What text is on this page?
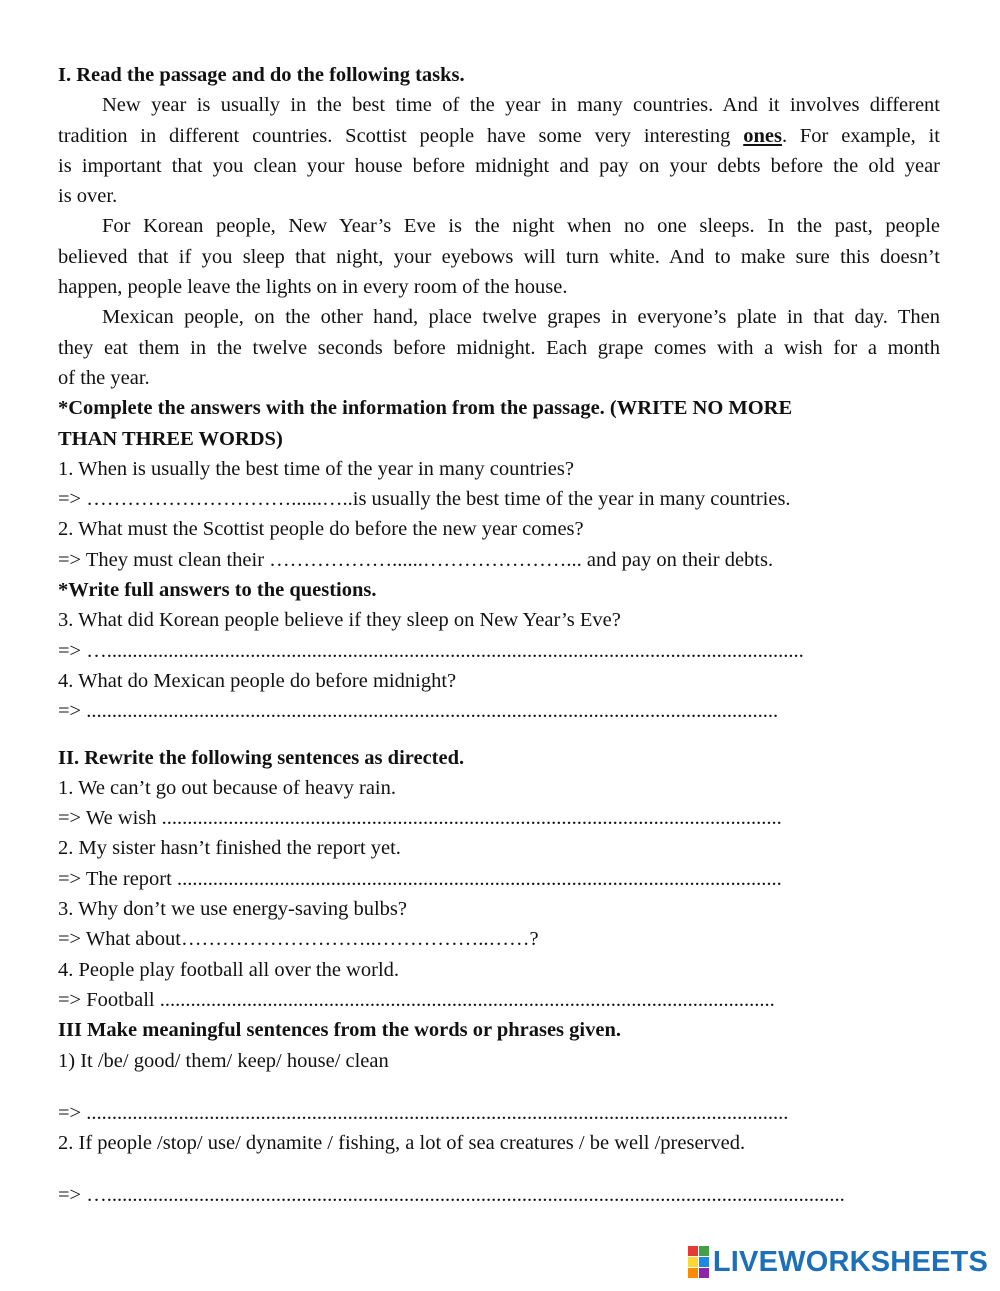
I. Read the passage and do the following tasks.

New year is usually in the best time of the year in many countries. And it involves different

tradition in different countries. Scottist people have some very interesting ones. For example, it

is important that you clean your house before midnight and pay on your debts before the old year

is over.

For Korean people, New Year’s Eve is the night when no one sleeps. In the past, people

believed that if you sleep that night, your eyebows will turn white. And to make sure this doesn’t

happen, people leave the lights on in every room of the house.

Mexican people, on the other hand, place twelve grapes in everyone’s plate in that day. Then

they eat them in the twelve seconds before midnight. Each grape comes with a wish for a month

of the year.

*Complete the answers with the information from the passage. (WRITE NO MORE

THAN THREE WORDS)

1. When is usually the best time of the year in many countries?

=> …………………………......…..is usually the best time of the year in many countries.

2. What must the Scottist people do before the new year comes?

=> They must clean their ………………......…………………... and pay on their debts.

*Write full answers to the questions.

3. What did Korean people believe if they sleep on New Year’s Eve?

=> …........................................................................................................................................

4. What do Mexican people do before midnight?

=> .......................................................................................................................................

II. Rewrite the following sentences as directed.

1. We can’t go out because of heavy rain.

=> We wish .........................................................................................................................

2. My sister hasn’t finished the report yet.

=> The report ......................................................................................................................

3. Why don’t we use energy-saving bulbs?

=> What about………………………..……………..……?

4. People play football all over the world.

=> Football ........................................................................................................................

III Make meaningful sentences from the words or phrases given.

1) It /be/ good/ them/ keep/ house/ clean

=> .........................................................................................................................................

2. If people /stop/ use/ dynamite / fishing, a lot of sea creatures / be well /preserved.

=> …................................................................................................................................................

LIVEWORKSHEETS
